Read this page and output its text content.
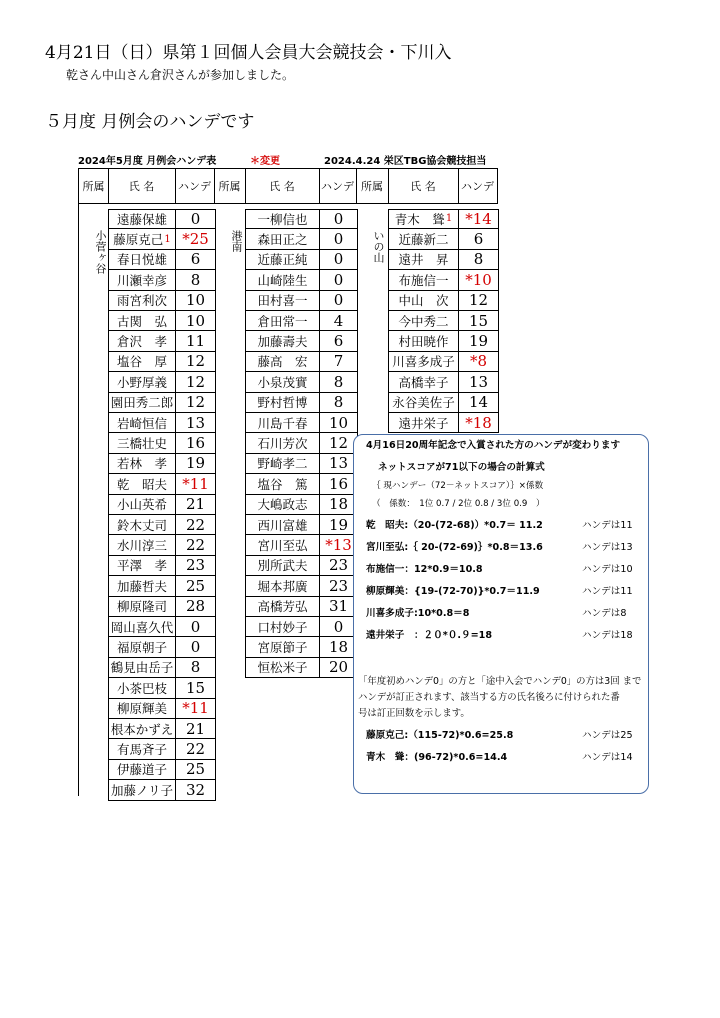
4月21日（日）県第１回個人会員大会競技会・下川入
乾さん中山さん倉沢さんが参加しました。
５月度 月例会のハンデです
2024年5月度 月例会ハンデ表	＊変更	2024.4.24 栄区TBG協会競技担当
所属	氏 名	ハンデ 所属	氏 名	ハンデ 所属	氏 名	ハンデ
小菅ヶ谷	港南	いの山
遠藤保雄	0
藤原克己 1 *25
春日悦雄	6
川瀬幸彦	8
雨宮利次	10
古関　弘	10
倉沢　孝	11
塩谷　厚	12
小野厚義	12
園田秀二郎 12
岩崎恒信	13
三橋壮史	16
若林　孝	19
乾　昭夫	*11
小山英希	21
鈴木丈司	22
水川淳三	22
平澤　孝	23
加藤哲夫	25
柳原隆司	28
岡山喜久代	0
福原朝子	0
鶴見由岳子	8
小茶巴枝	15
柳原輝美	*11
根本かずえ 21
有馬斉子	22
伊藤道子	25
加藤ノリ子 32
一柳信也	0
森田正之	0
近藤正純	0
山崎陸生	0
田村喜一	0
倉田常一	4
加藤壽夫	6
藤高　宏	7
小泉茂實	8
野村哲博	8
川島千春	10
石川芳次	12
野崎孝二	13
塩谷　篤	16
大嶋政志	18
西川富雄	19
宮川至弘	*13
別所武夫	23
堀本邦廣	23
高橋芳弘	31
口村妙子	0
宮原節子	18
恒松米子	20
青木　聳 1 *14
近藤新二	6
遠井　昇	8
布施信一	*10
中山　次	12
今中秀二	15
村田暁作	19
川喜多成子	*8
高橋幸子	13
永谷美佐子 14
遠井栄子	*18
4月16日20周年記念で入賞された方のハンデが変わります
ネットスコアが71以下の場合の計算式
｛ 現ハンデー（72－ネットスコア）｝×係数
（　係数：　1位 0.7 / 2位 0.8 / 3位 0.9　）
乾　昭夫:（20-(72-68)）*0.7＝ 11.2	ハンデは11
宮川至弘:｛ 20-(72-69)｝*0.8＝13.6	ハンデは13
布施信一：12*0.9＝10.8	ハンデは10
柳原輝美：{19-(72-70)}*0.7＝11.9	ハンデは11
川喜多成子:10*0.8＝8	ハンデは8
遠井栄子　：２０*０.９=18	ハンデは18
「年度初めハンデ0」の方と「途中入会でハンデ0」の方は3回 まで
ハンデが訂正されます、該当する方の氏名後ろに付けられた番
号は訂正回数を示します。
藤原克己:（115-72)*0.6=25.8	ハンデは25
青木　聳：(96-72)*0.6=14.4	ハンデは14
